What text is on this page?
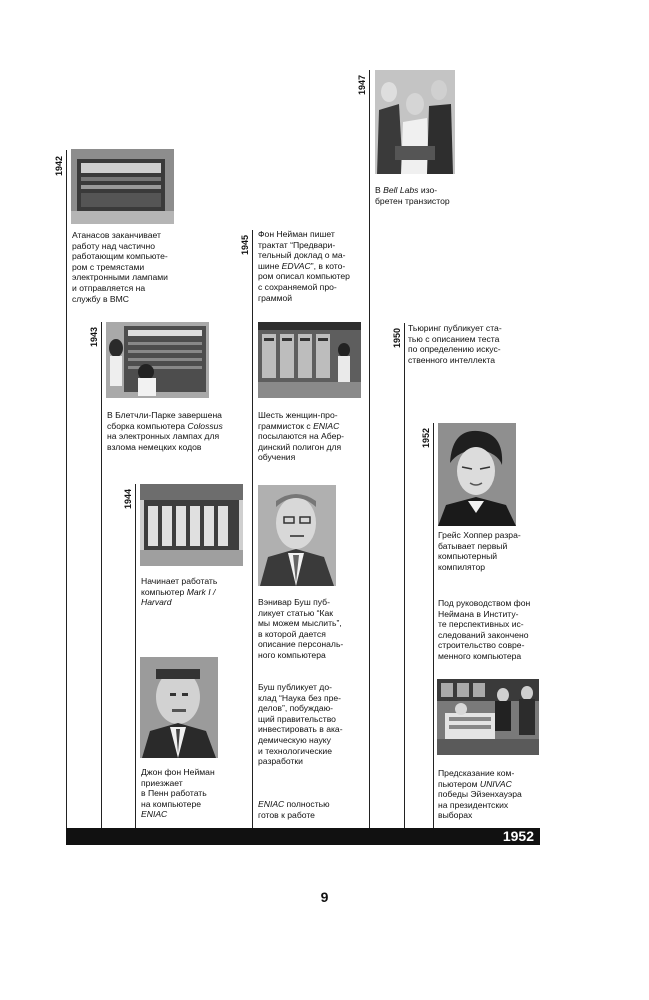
1942
1943
1944
1945
1947
1950
1952
Атанасов заканчивает
работу над частично
работающим компьюте-
ром с тремястами
электронными лампами
и отправляется на
службу в ВМС
В Блетчли-Парке завершена
сборка компьютера Colossus
на электронных лампах для
взлома немецких кодов
Начинает работать
компьютер Mark I /
Harvard
Джон фон Нейман
приезжает
в Пенн работать
на компьютере
ENIAC
Фон Нейман пишет
трактат “Предвари-
тельный доклад о ма-
шине EDVAC”, в кото-
ром описал компьютер
с сохраняемой про-
граммой
Шесть женщин-про-
граммисток с ENIAC
посылаются на Абер-
динский полигон для
обучения
Вэнивар Буш пуб-
ликует статью “Как
мы можем мыслить”,
в которой дается
описание персональ-
ного компьютера
Буш публикует до-
клад “Наука без пре-
делов”, побуждаю-
щий правительство
инвестировать в ака-
демическую науку
и технологические
разработки
ENIAC полностью
готов к работе
В Bell Labs изо-
бретен транзистор
Тьюринг публикует ста-
тью с описанием теста
по определению искус-
ственного интеллекта
Грейс Хоппер разра-
батывает первый
компьютерный
компилятор
Под руководством фон
Неймана в Институ-
те перспективных ис-
следований закончено
строительство совре-
менного компьютера
Предсказание ком-
пьютером UNIVAC
победы Эйзенхауэра
на президентских
выборах
1952
9
